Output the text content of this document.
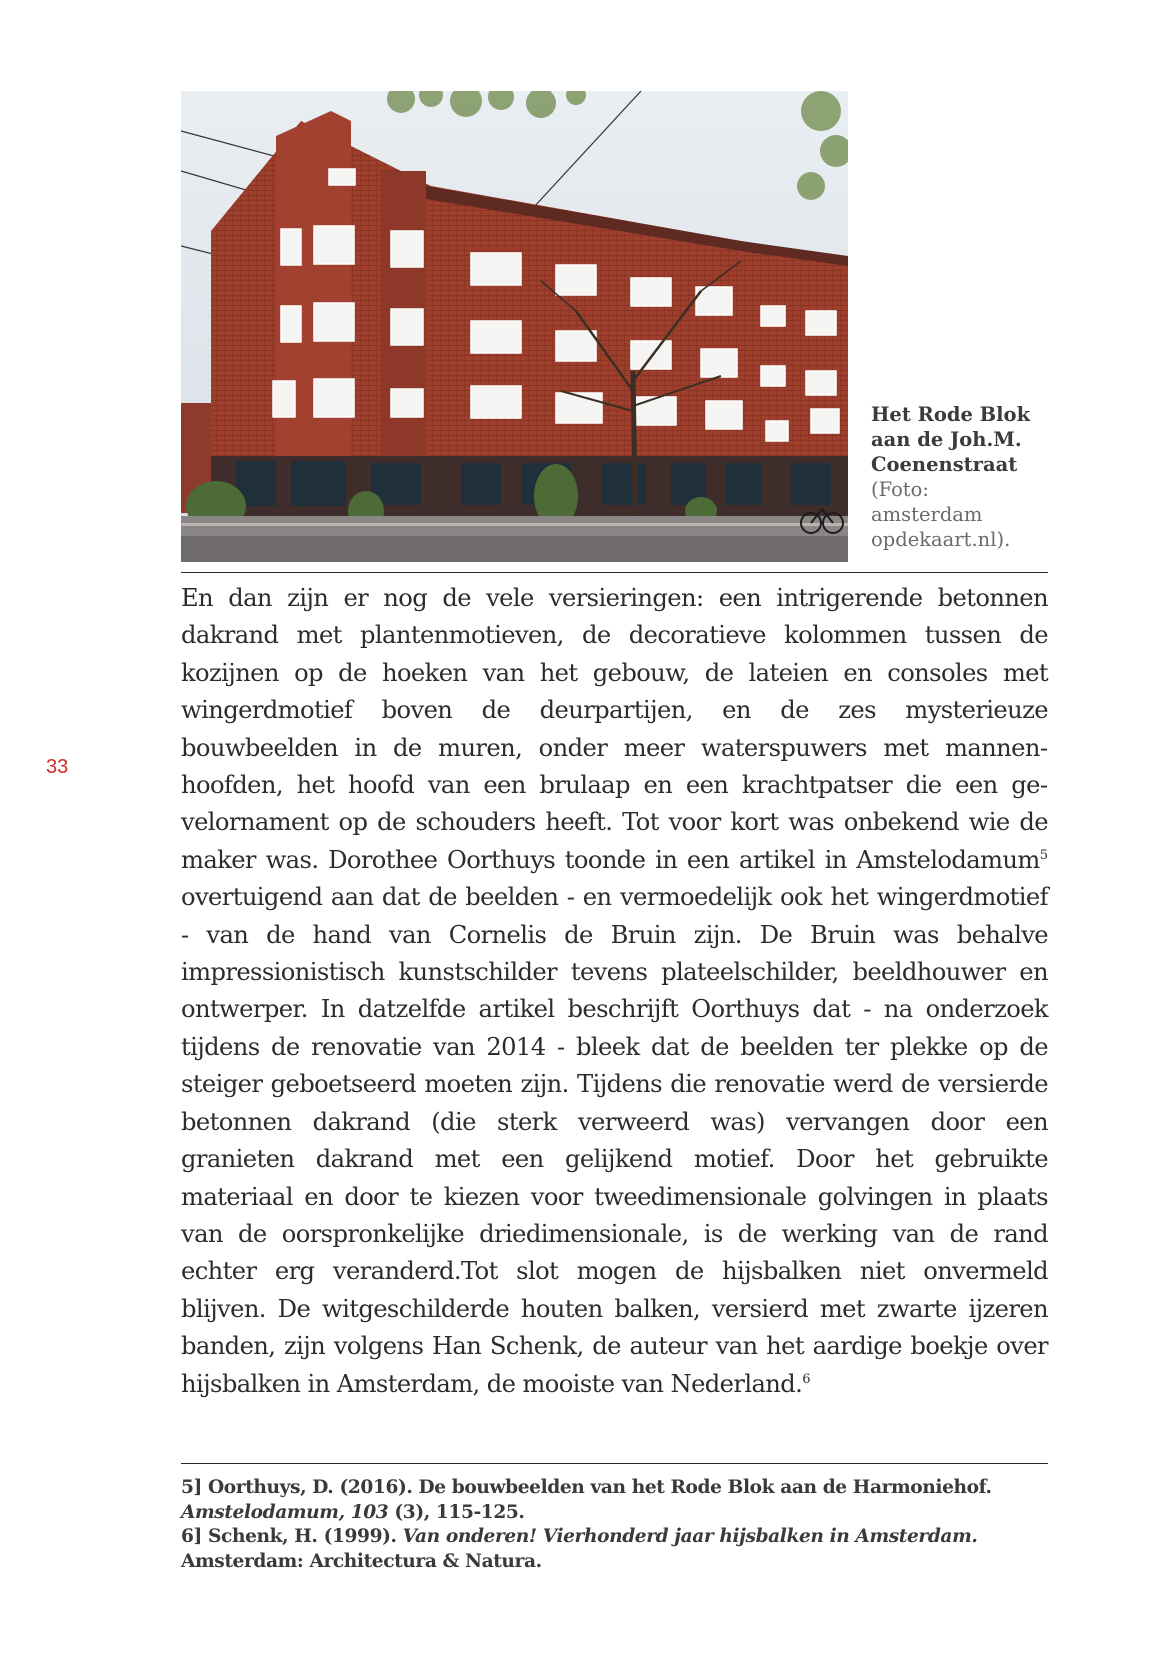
33
Het Rode Blok
aan de Joh.M.
Coenenstraat
(Foto:
amsterdam
opdekaart.nl).

En dan zijn er nog de vele versieringen: een intrigerende betonnen dakrand met plantenmotieven, de decoratieve kolommen tussen de kozijnen op de hoeken van het gebouw, de lateien en consoles met wingerdmotief boven de deurpartijen, en de zes mysterieuze bouwbeelden in de muren, onder meer waterspuwers met mannenhoofden, het hoofd van een brulaap en een krachtpatser die een gevelornament op de schouders heeft. Tot voor kort was onbekend wie de maker was. Dorothee Oorthuys toonde in een artikel in Amstelodamum$^5$ overtuigend aan dat de beelden - en vermoedelijk ook het wingerdmotief - van de hand van Cornelis de Bruin zijn. De Bruin was behalve impressionistisch kunstschilder tevens plateelschilder, beeldhouwer en ontwerper. In datzelfde artikel beschrijft Oorthuys dat - na onderzoek tijdens de renovatie van 2014 - bleek dat de beelden ter plekke op de steiger geboetseerd moeten zijn. Tijdens die renovatie werd de versierde betonnen dakrand (die sterk verweerd was) vervangen door een granieten dakrand met een gelijkend motief. Door het gebruikte materiaal en door te kiezen voor tweedimensionale golvingen in plaats van de oorspronkelijke driedimensionale, is de werking van de rand echter erg veranderd.Tot slot mogen de hijsbalken niet onvermeld blijven. De witgeschilderde houten balken, versierd met zwarte ijzeren banden, zijn volgens Han Schenk, de auteur van het aardige boekje over hijsbalken in Amsterdam, de mooiste van Nederland.$^6$

5] Oorthuys, D. (2016). De bouwbeelden van het Rode Blok aan de Harmoniehof.
Amstelodamum, 103 (3), 115-125.

6] Schenk, H. (1999). Van onderen! Vierhonderd jaar hijsbalken in Amsterdam.
Amsterdam: Architectura & Natura.
